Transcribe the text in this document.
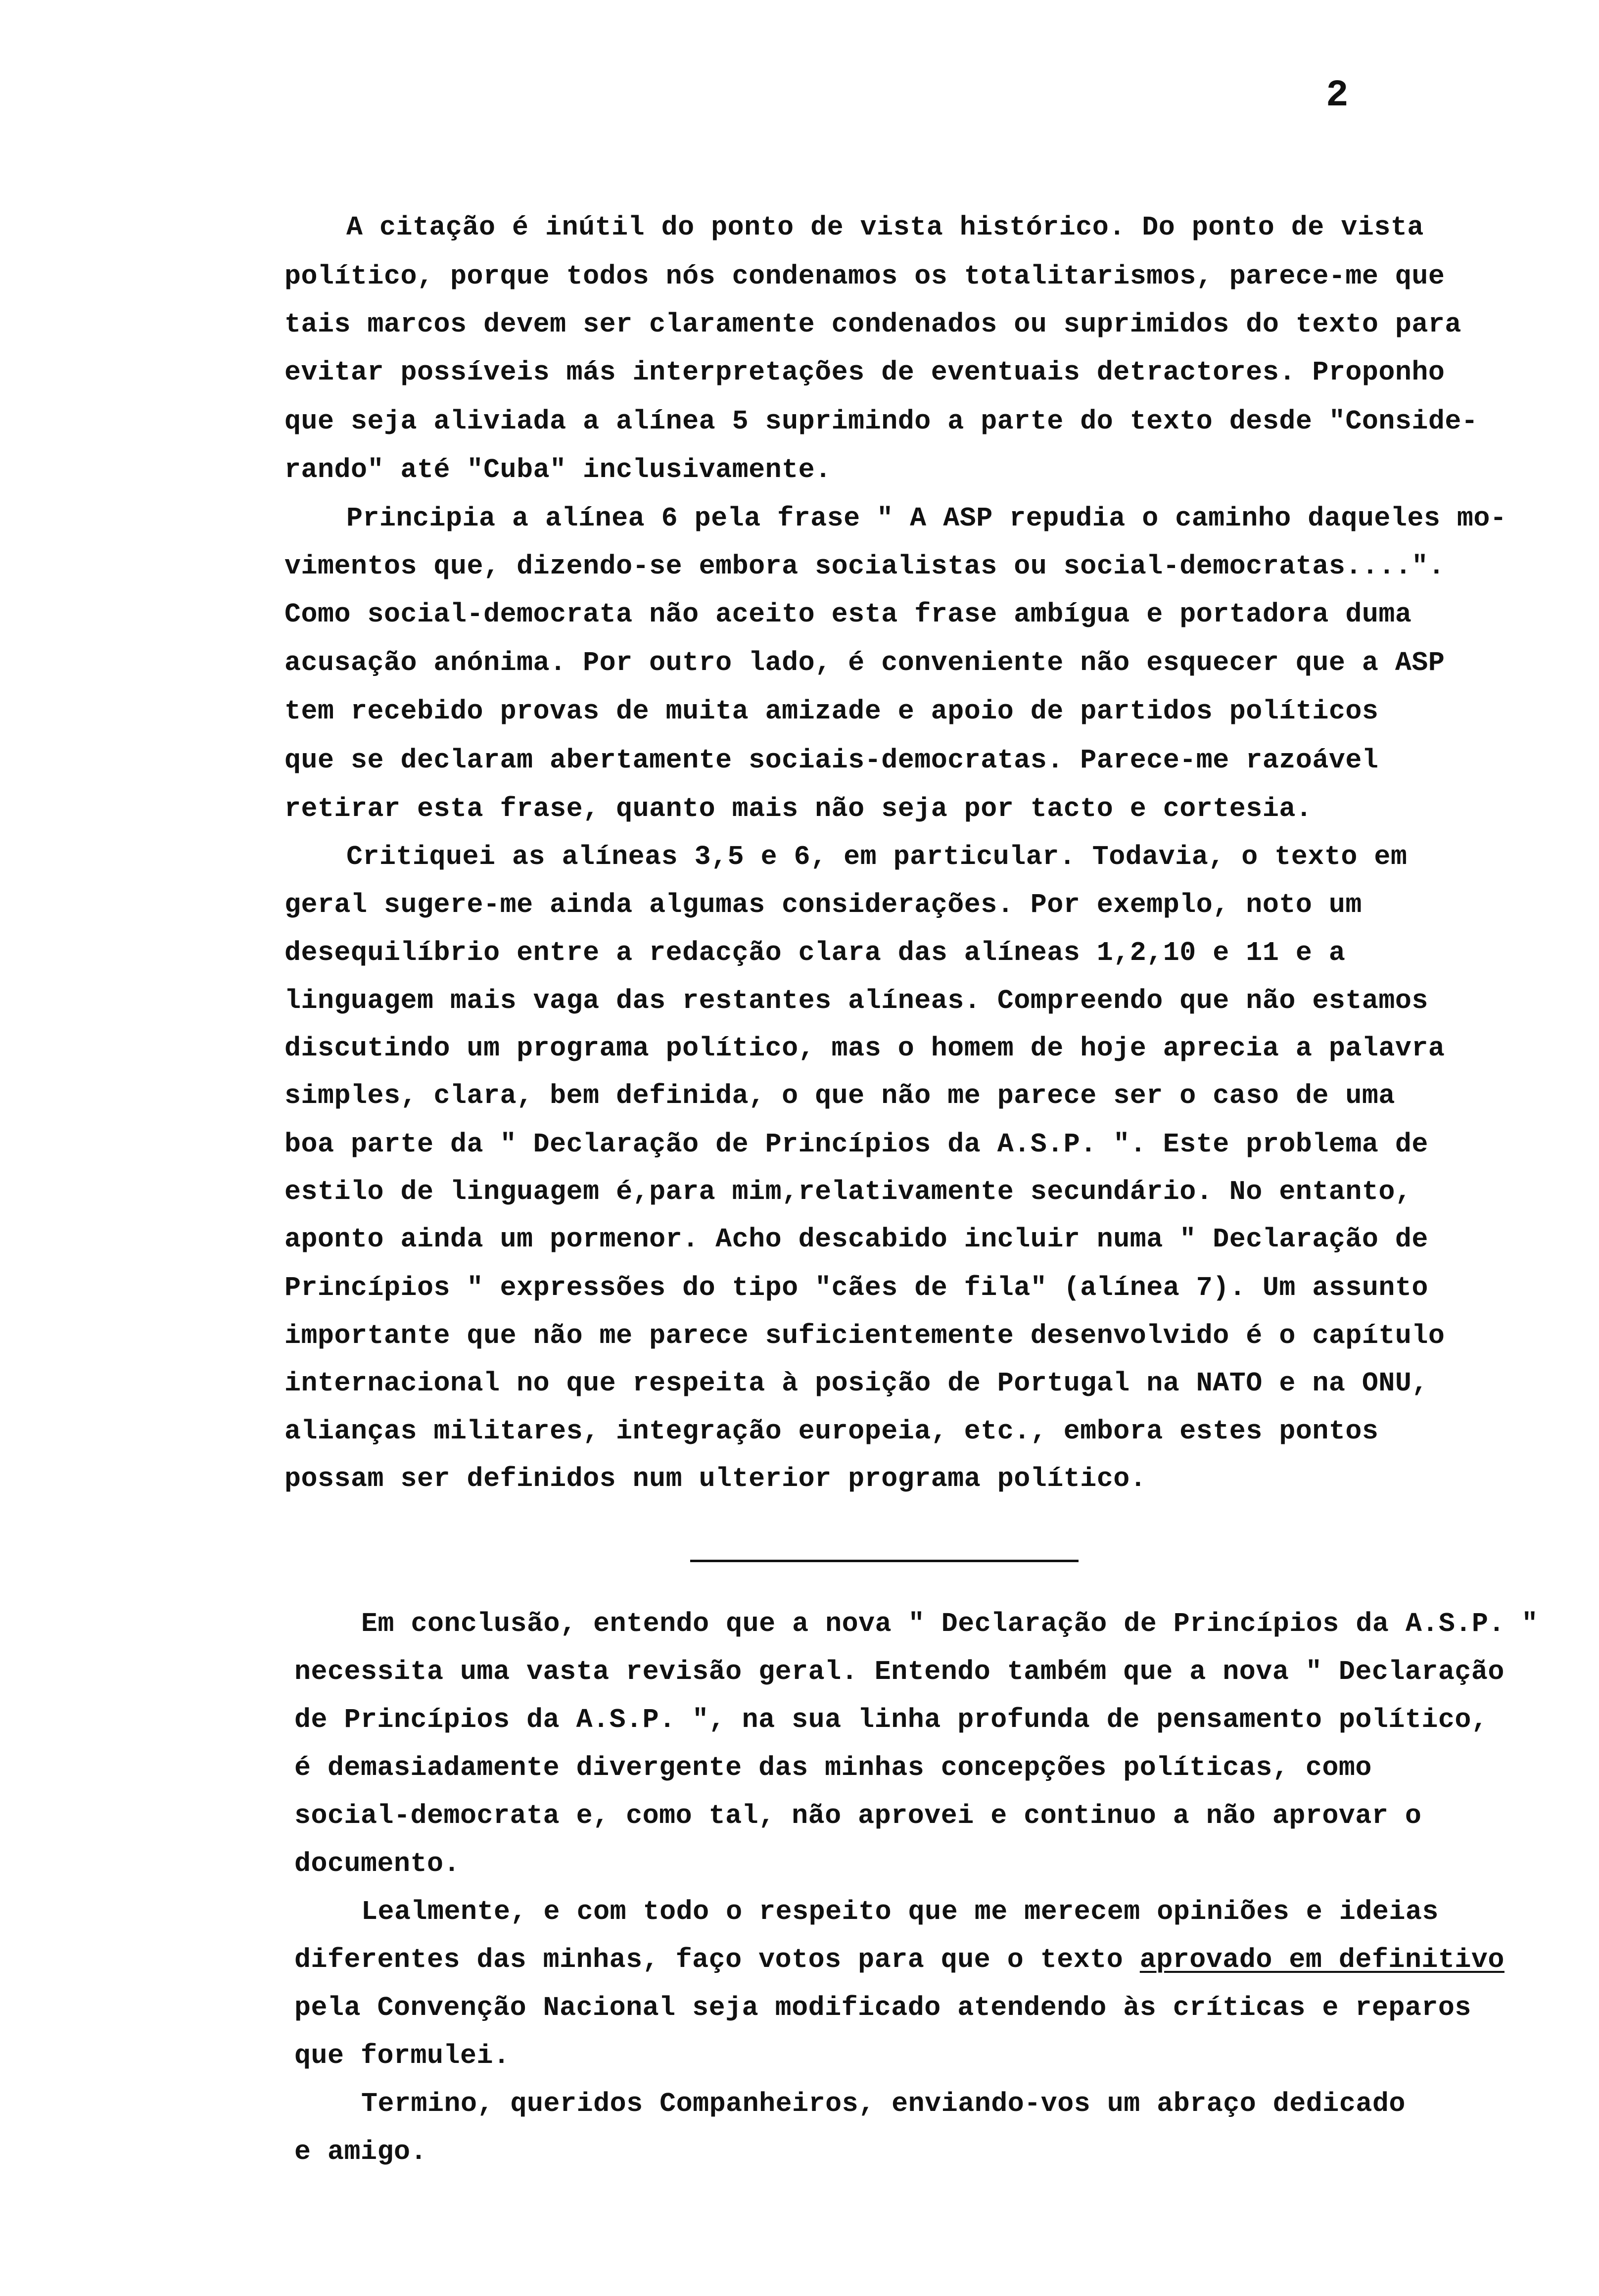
2
A citação é inútil do ponto de vista histórico. Do ponto de vista
político, porque todos nós condenamos os totalitarismos, parece-me que
tais marcos devem ser claramente condenados ou suprimidos do texto para
evitar possíveis más interpretações de eventuais detractores. Proponho
que seja aliviada a alínea 5 suprimindo a parte do texto desde "Conside-
rando" até "Cuba" inclusivamente.
Principia a alínea 6 pela frase " A ASP repudia o caminho daqueles mo-
vimentos que, dizendo-se embora socialistas ou social-democratas....".
Como social-democrata não aceito esta frase ambígua e portadora duma
acusação anónima. Por outro lado, é conveniente não esquecer que a ASP
tem recebido provas de muita amizade e apoio de partidos políticos
que se declaram abertamente sociais-democratas. Parece-me razoável
retirar esta frase, quanto mais não seja por tacto e cortesia.
Critiquei as alíneas 3,5 e 6, em particular. Todavia, o texto em
geral sugere-me ainda algumas considerações. Por exemplo, noto um
desequilíbrio entre a redacção clara das alíneas 1,2,10 e 11 e a
linguagem mais vaga das restantes alíneas. Compreendo que não estamos
discutindo um programa político, mas o homem de hoje aprecia a palavra
simples, clara, bem definida, o que não me parece ser o caso de uma
boa parte da " Declaração de Princípios da A.S.P. ". Este problema de
estilo de linguagem é,para mim,relativamente secundário. No entanto,
aponto ainda um pormenor. Acho descabido incluir numa " Declaração de
Princípios " expressões do tipo "cães de fila" (alínea 7). Um assunto
importante que não me parece suficientemente desenvolvido é o capítulo
internacional no que respeita à posição de Portugal na NATO e na ONU,
alianças militares, integração europeia, etc., embora estes pontos
possam ser definidos num ulterior programa político.
Em conclusão, entendo que a nova " Declaração de Princípios da A.S.P. "
necessita uma vasta revisão geral. Entendo também que a nova " Declaração
de Princípios da A.S.P. ", na sua linha profunda de pensamento político,
é demasiadamente divergente das minhas concepções políticas, como
social-democrata e, como tal, não aprovei e continuo a não aprovar o
documento.
Lealmente, e com todo o respeito que me merecem opiniões e ideias
diferentes das minhas, faço votos para que o texto aprovado em definitivo
pela Convenção Nacional seja modificado atendendo às críticas e reparos
que formulei.
Termino, queridos Companheiros, enviando-vos um abraço dedicado
e amigo.
